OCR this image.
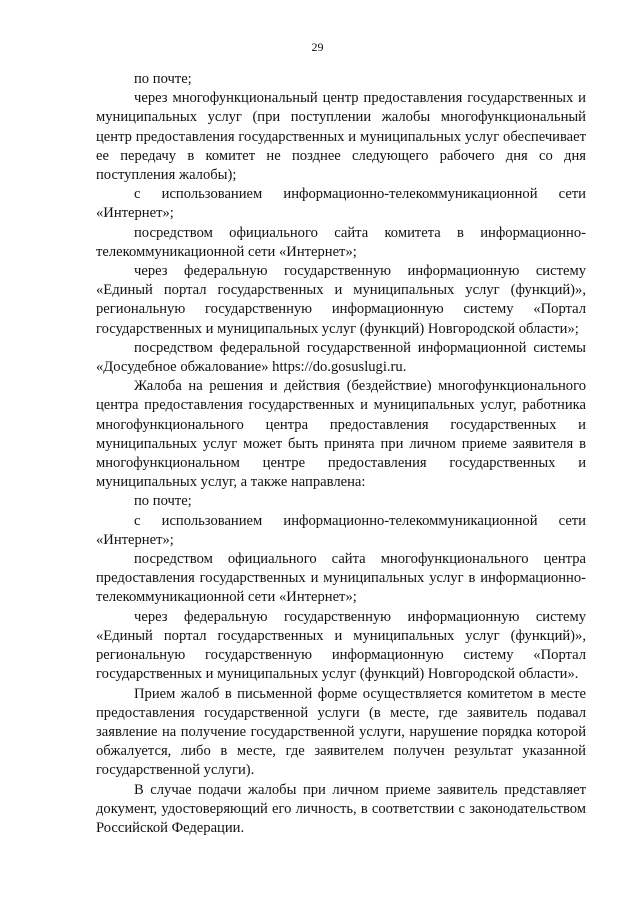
29

по почте;

через многофункциональный центр предоставления государственных и муниципальных услуг (при поступлении жалобы многофункциональный центр предоставления государственных и муниципальных услуг обеспечивает ее передачу в комитет не позднее следующего рабочего дня со дня поступления жалобы);

с использованием информационно-телекоммуникационной сети «Интернет»;

посредством официального сайта комитета в информационно-телекоммуникационной сети «Интернет»;

через федеральную государственную информационную систему «Единый портал государственных и муниципальных услуг (функций)», региональную государственную информационную систему «Портал государственных и муниципальных услуг (функций) Новгородской области»;

посредством федеральной государственной информационной системы «Досудебное обжалование» https://do.gosuslugi.ru.

Жалоба на решения и действия (бездействие) многофункционального центра предоставления государственных и муниципальных услуг, работника многофункционального центра предоставления государственных и муниципальных услуг может быть принята при личном приеме заявителя в многофункциональном центре предоставления государственных и муниципальных услуг, а также направлена:

по почте;

с использованием информационно-телекоммуникационной сети «Интернет»;

посредством официального сайта многофункционального центра предоставления государственных и муниципальных услуг в информационно-телекоммуникационной сети «Интернет»;

через федеральную государственную информационную систему «Единый портал государственных и муниципальных услуг (функций)», региональную государственную информационную систему «Портал государственных и муниципальных услуг (функций) Новгородской области».

Прием жалоб в письменной форме осуществляется комитетом в месте предоставления государственной услуги (в месте, где заявитель подавал заявление на получение государственной услуги, нарушение порядка которой обжалуется, либо в месте, где заявителем получен результат указанной государственной услуги).

В случае подачи жалобы при личном приеме заявитель представляет документ, удостоверяющий его личность, в соответствии с законодательством Российской Федерации.
